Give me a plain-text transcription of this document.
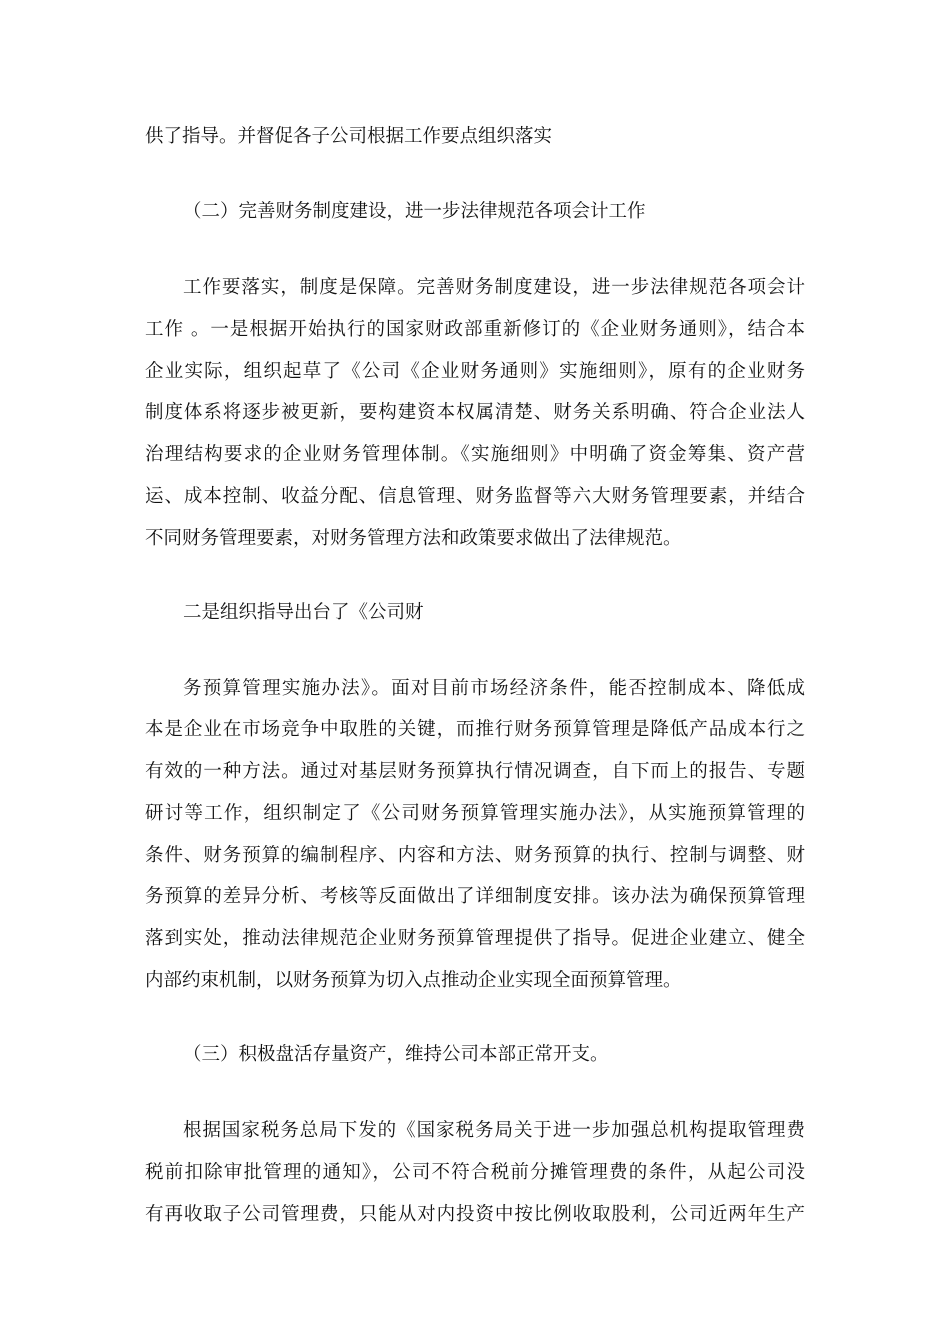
供了指导。并督促各子公司根据工作要点组织落实

（二）完善财务制度建设，进一步法律规范各项会计工作

工作要落实，制度是保障。完善财务制度建设，进一步法律规范各项会计

工作 。一是根据开始执行的国家财政部重新修订的《企业财务通则》，结合本

企业实际，组织起草了《公司《企业财务通则》实施细则》，原有的企业财务

制度体系将逐步被更新，要构建资本权属清楚、财务关系明确、符合企业法人

治理结构要求的企业财务管理体制。《实施细则》中明确了资金筹集、资产营

运、成本控制、收益分配、信息管理、财务监督等六大财务管理要素，并结合

不同财务管理要素，对财务管理方法和政策要求做出了法律规范。

二是组织指导出台了《公司财

务预算管理实施办法》。面对目前市场经济条件，能否控制成本、降低成

本是企业在市场竞争中取胜的关键，而推行财务预算管理是降低产品成本行之

有效的一种方法。通过对基层财务预算执行情况调查，自下而上的报告、专题

研讨等工作，组织制定了《公司财务预算管理实施办法》，从实施预算管理的

条件、财务预算的编制程序、内容和方法、财务预算的执行、控制与调整、财

务预算的差异分析、考核等反面做出了详细制度安排。该办法为确保预算管理

落到实处，推动法律规范企业财务预算管理提供了指导。促进企业建立、健全

内部约束机制，以财务预算为切入点推动企业实现全面预算管理。

（三）积极盘活存量资产，维持公司本部正常开支。

根据国家税务总局下发的《国家税务局关于进一步加强总机构提取管理费

税前扣除审批管理的通知》，公司不符合税前分摊管理费的条件，从起公司没

有再收取子公司管理费，只能从对内投资中按比例收取股利，公司近两年生产
